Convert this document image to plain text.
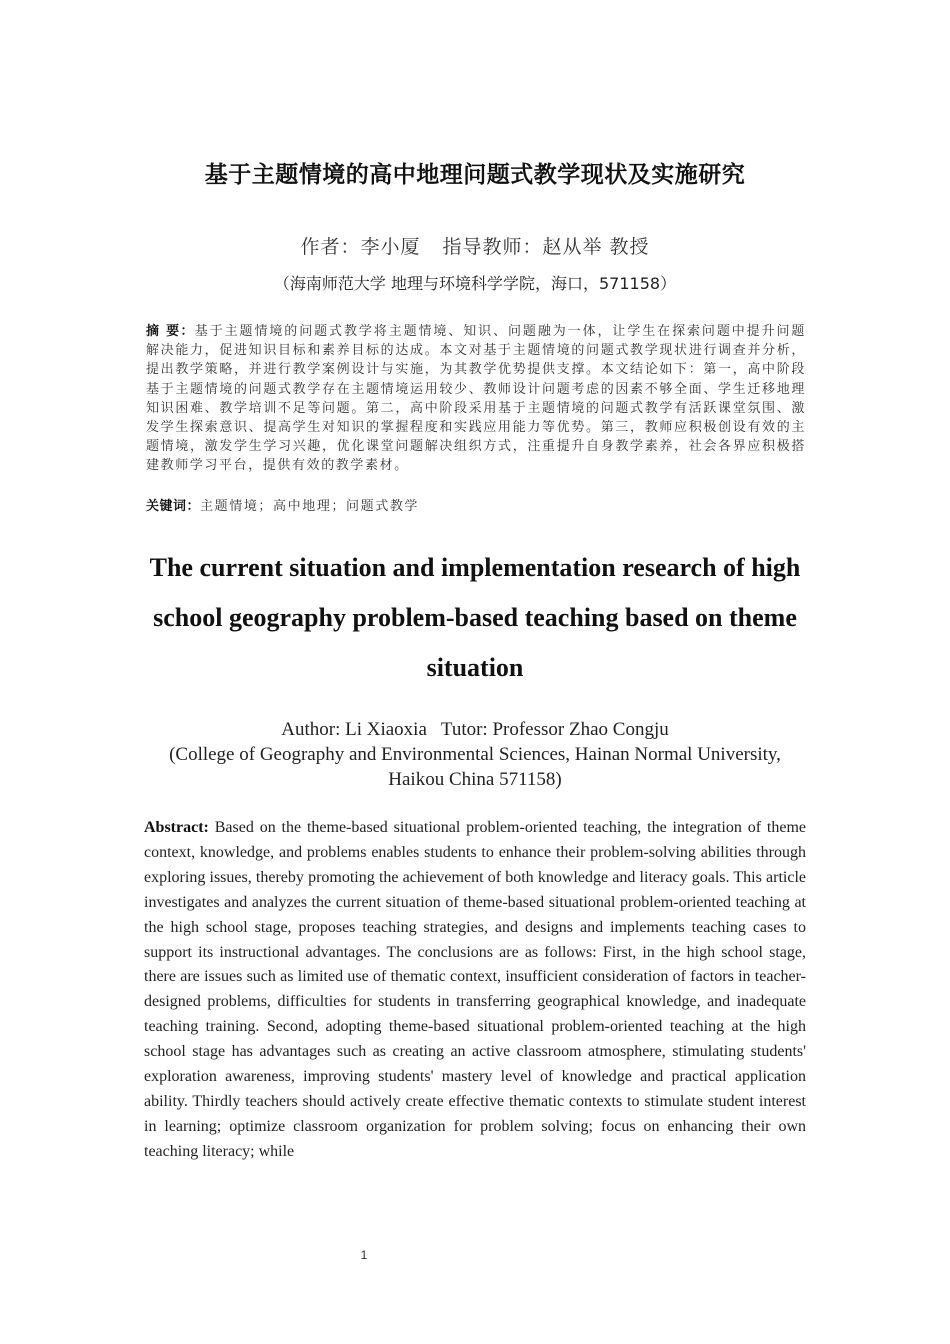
基于主题情境的高中地理问题式教学现状及实施研究
作者：李小厦 指导教师：赵从举 教授
（海南师范大学 地理与环境科学学院，海口，571158）
摘 要：基于主题情境的问题式教学将主题情境、知识、问题融为一体，让学生在探索问题中提升问题解决能力，促进知识目标和素养目标的达成。本文对基于主题情境的问题式教学现状进行调查并分析，提出教学策略，并进行教学案例设计与实施，为其教学优势提供支撑。本文结论如下：第一，高中阶段基于主题情境的问题式教学存在主题情境运用较少、教师设计问题考虑的因素不够全面、学生迁移地理知识困难、教学培训不足等问题。第二，高中阶段采用基于主题情境的问题式教学有活跃课堂氛围、激发学生探索意识、提高学生对知识的掌握程度和实践应用能力等优势。第三，教师应积极创设有效的主题情境，激发学生学习兴趣，优化课堂问题解决组织方式，注重提升自身教学素养，社会各界应积极搭建教师学习平台，提供有效的教学素材。
关键词：主题情境；高中地理；问题式教学
The current situation and implementation research of high school geography problem-based teaching based on theme situation
Author: Li Xiaoxia Tutor: Professor Zhao Congju
(College of Geography and Environmental Sciences, Hainan Normal University, Haikou China 571158)
Abstract: Based on the theme-based situational problem-oriented teaching, the integration of theme context, knowledge, and problems enables students to enhance their problem-solving abilities through exploring issues, thereby promoting the achievement of both knowledge and literacy goals. This article investigates and analyzes the current situation of theme-based situational problem-oriented teaching at the high school stage, proposes teaching strategies, and designs and implements teaching cases to support its instructional advantages. The conclusions are as follows: First, in the high school stage, there are issues such as limited use of thematic context, insufficient consideration of factors in teacher-designed problems, difficulties for students in transferring geographical knowledge, and inadequate teaching training. Second, adopting theme-based situational problem-oriented teaching at the high school stage has advantages such as creating an active classroom atmosphere, stimulating students' exploration awareness, improving students' mastery level of knowledge and practical application ability. Thirdly teachers should actively create effective thematic contexts to stimulate student interest in learning; optimize classroom organization for problem solving; focus on enhancing their own teaching literacy; while
1
